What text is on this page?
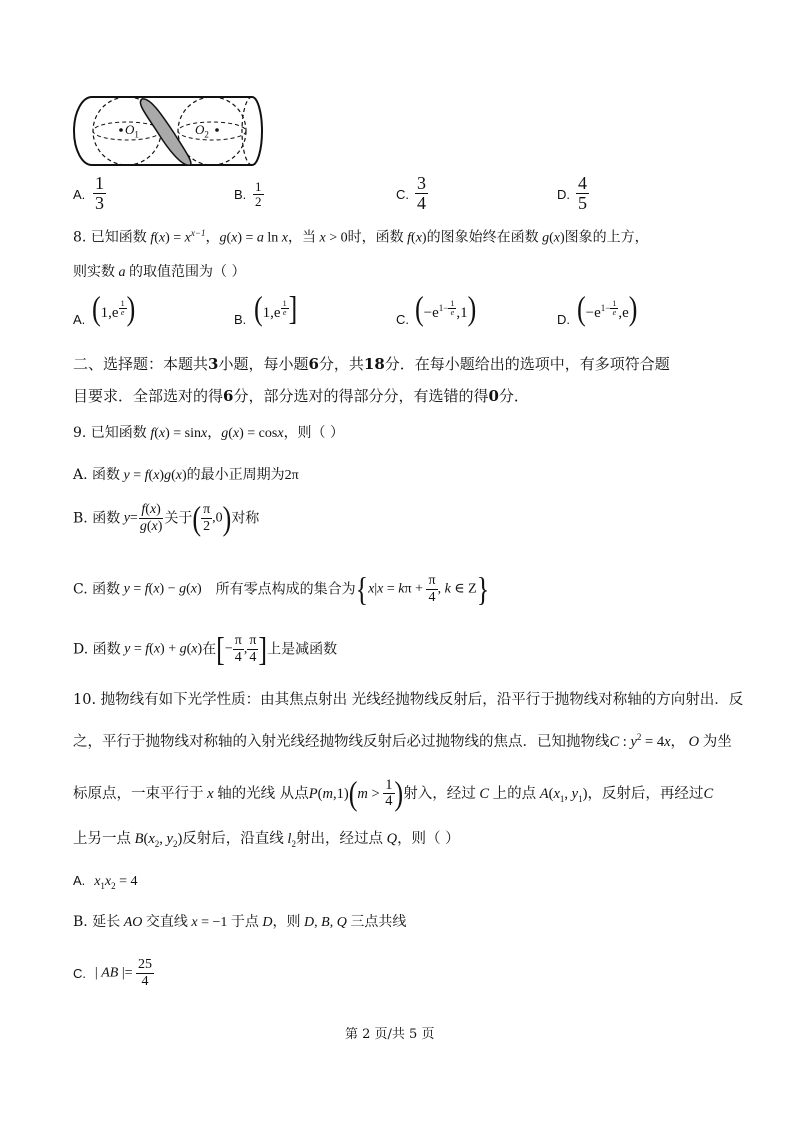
$O_1$	$O_2$
A. $\frac{1}{3}$	B. $\frac{1}{2}$	C. $\frac{3}{4}$	D. $\frac{4}{5}$
8. 已知函数 $f(x) = x^{x-1}$，g(x) = a ln x，当 x > 0时，函数 f(x)的图象始终在函数 g(x)图象的上方，
则实数 a 的取值范围为（ ）
A. (1,e $^{\frac{1}{e}}$ )	B. (1,e $^{\frac{1}{e}}$ ]	C. ($-e^{1- \frac{1}{e}}$ ,1)	D. ($-e^{1- \frac{1}{e}}$ ,e)
二、选择题：本题共3小题，每小题6分，共18分．在每小题给出的选项中，有多项符合题
目要求．全部选对的得6分，部分选对的得部分分，有选错的得0分．
9. 已知函数 f(x) = sinx，g(x) = cosx，则（ ）
A. 函数 y = f(x)g(x)的最小正周期为2π
B. 函数 $y= \frac{f(x)}{g(x)}$ 关于( $\frac{\pi}{2} ,0$)对称
C. 函数 y = f(x) − g(x)    所有零点构成的集合为{$x|x = k\pi + \frac{\pi}{4}$ , k ∈ Z}
D. 函数 y = f(x) + g(x)在[− $\frac{\pi}{4}$ , $\frac{\pi}{4}$ ]上是减函数
10. 抛物线有如下光学性质：由其焦点射出 光线经抛物线反射后，沿平行于抛物线对称轴的方向射出．反
之，平行于抛物线对称轴的入射光线经抛物线反射后必过抛物线的焦点．已知抛物线C : $y^2 = 4x$， O 为坐
标原点，一束平行于 x 轴的光线 从点$P(m,1)(m > \frac{1}{4}$ )射入，经过 C 上的点 $A(x_1$, $y_1$)，反射后，再经过C
上另一点 $B(x_2$, $y_2$)反射后，沿直线 $l_2$射出，经过点 Q，则（ ）
A. $x_1x_2 = 4$
B. 延长 AO 交直线 x = −1 于点 D，则 D, B, Q 三点共线
C. | AB |= $\frac{25}{4}$
第 2 页/共 5 页
